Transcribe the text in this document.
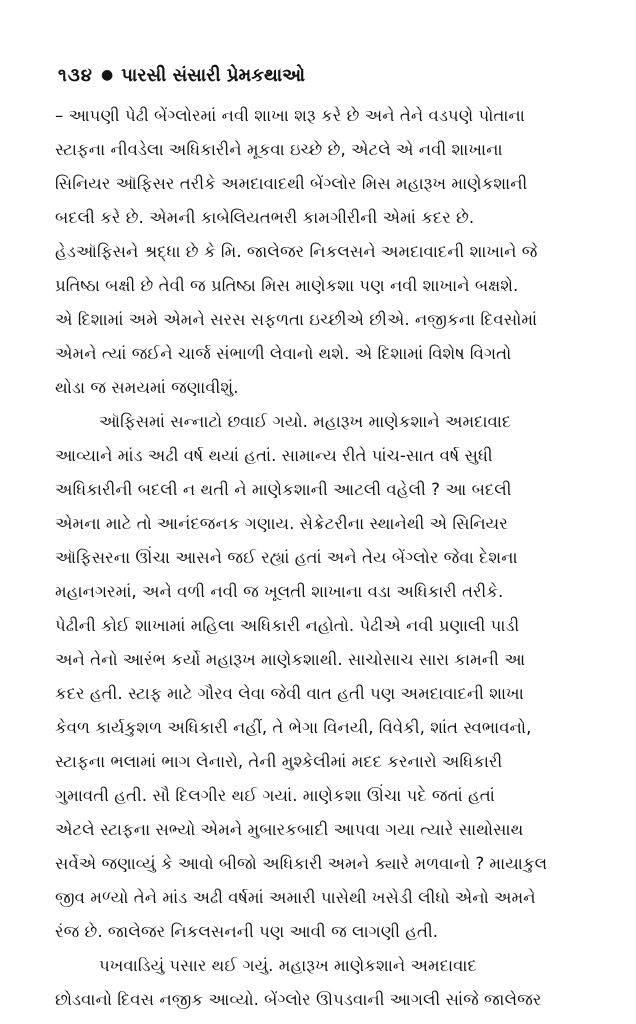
૧૩૪ ● પારસી સંસારી પ્રેમકથાઓ
– આપણી પેઢી બેંગ્લોરમાં નવી શાખા શરૂ કરે છે અને તેને વડપણે પોતાના
સ્ટાફના નીવડેલા અધિકારીને મૂકવા ઇચ્છે છે, એટલે એ નવી શાખાના
સિનિયર ઑફિસર તરીકે અમદાવાદથી બેંગ્લોર મિસ મહારૂખ માણેકશાની
બદલી કરે છે. એમની કાબેલિયતભરી કામગીરીની એમાં કદર છે.
હેડઑફિસને શ્રદ્ધા છે કે મિ. જાલેજર નિકલસને અમદાવાદની શાખાને જે
પ્રતિષ્ઠા બક્ષી છે તેવી જ પ્રતિષ્ઠા મિસ માણેકશા પણ નવી શાખાને બક્ષશે.
એ દિશામાં અમે એમને સરસ સફળતા ઇચ્છીએ છીએ. નજીકના દિવસોમાં
એમને ત્યાં જઈને ચાર્જ સંભાળી લેવાનો થશે. એ દિશામાં વિશેષ વિગતો
થોડા જ સમયમાં જણાવીશું.
ઑફિસમાં સન્નાટો છવાઈ ગયો. મહારૂખ માણેકશાને અમદાવાદ
આવ્યાને માંડ અઢી વર્ષ થયાં હતાં. સામાન્ય રીતે પાંચ-સાત વર્ષ સુધી
અધિકારીની બદલી ન થતી ને માણેકશાની આટલી વહેલી ? આ બદલી
એમના માટે તો આનંદજનક ગણાય. સેક્રેટરીના સ્થાનેથી એ સિનિયર
ઑફિસરના ઊંચા આસને જઈ રહ્યાં હતાં અને તેય બેંગ્લોર જેવા દેશના
મહાનગરમાં, અને વળી નવી જ ખૂલતી શાખાના વડા અધિકારી તરીકે.
પેઢીની કોઈ શાખામાં મહિલા અધિકારી નહોતો. પેઢીએ નવી પ્રણાલી પાડી
અને તેનો આરંભ કર્યો મહારૂખ માણેકશાથી. સાચોસાચ સારા કામની આ
કદર હતી. સ્ટાફ માટે ગૌરવ લેવા જેવી વાત હતી પણ અમદાવાદની શાખા
કેવળ કાર્યકુશળ અધિકારી નહીં, તે ભેગા વિનયી, વિવેકી, શાંત સ્વભાવનો,
સ્ટાફના ભલામાં ભાગ લેનારો, તેની મુશ્કેલીમાં મદદ કરનારો અધિકારી
ગુમાવતી હતી. સૌ દિલગીર થઈ ગયાં. માણેકશા ઊંચા પદે જતાં હતાં
એટલે સ્ટાફના સભ્યો એમને મુબારકબાદી આપવા ગયા ત્યારે સાથોસાથ
સર્વેએ જણાવ્યું કે આવો બીજો અધિકારી અમને ક્યારે મળવાનો ? માયાકુલ
જીવ મળ્યો તેને માંડ અઢી વર્ષમાં અમારી પાસેથી ખસેડી લીધો એનો અમને
રંજ છે. જાલેજર નિકલસનની પણ આવી જ લાગણી હતી.
પખવાડિયું પસાર થઈ ગયું. મહારૂખ માણેકશાને અમદાવાદ
છોડવાનો દિવસ નજીક આવ્યો. બેંગ્લોર ઊપડવાની આગલી સાંજે જાલેજર
